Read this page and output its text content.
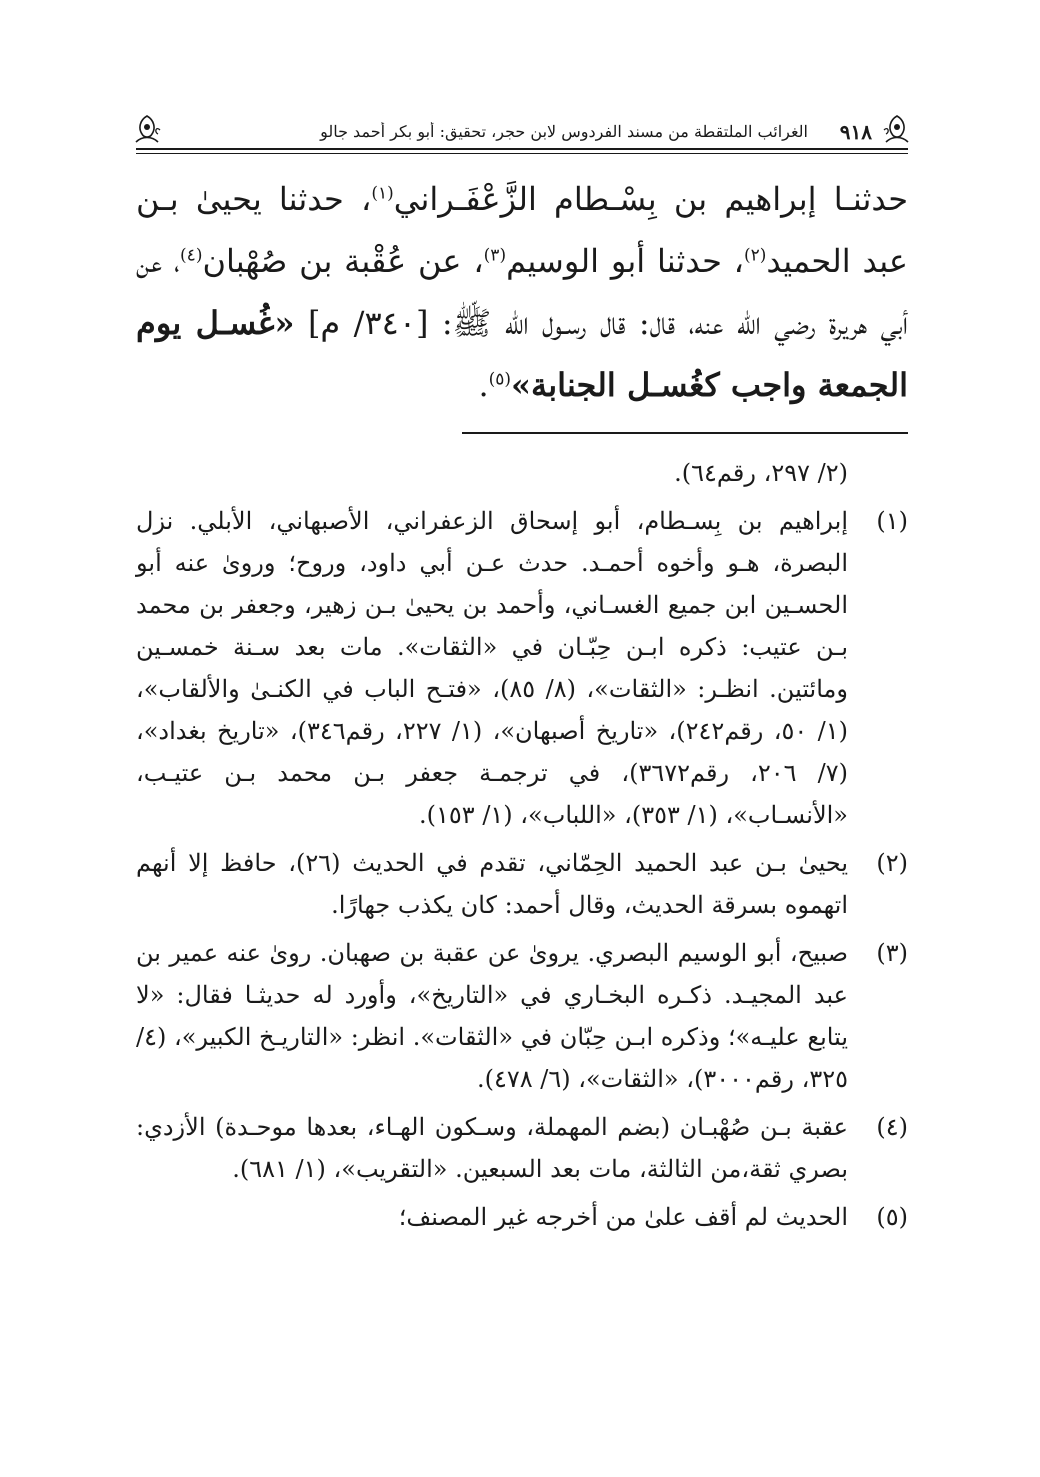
٩١٨
الغرائب الملتقطة من مسند الفردوس لابن حجر، تحقيق: أبو بكر أحمد جالو

حدثنـا إبراهيم بن بِسْـطام الزَّعْفَـراني$^{(١)}$، حدثنا يحيىٰ بـن عبد الحميد$^{(٢)}$، حدثنا أبو الوسيم$^{(٣)}$، عن عُقْبة بن صُهْبان$^{(٤)}$، عن أبي هريرة رضي الله عنه، قال: قال رسـول الله ﷺ: [٣٤٠/ م] «غُسـل يوم الجمعة واجب كغُسـل الجنابة»$^{(٥)}$.

(٢/ ٢٩٧، رقم٦٤).

(١)

إبراهيم بن بِسـطام، أبو إسحاق الزعفراني، الأصبهاني، الأبلي. نزل البصرة، هـو وأخوه أحمـد. حدث عـن أبي داود، وروح؛ وروىٰ عنه أبو الحسـين ابن جميع الغسـاني، وأحمد بن يحيىٰ بـن زهير، وجعفر بن محمد بـن عتيب: ذكره ابـن حِبّـان في «الثقات». مات بعد سـنة خمسـين ومائتين. انظـر: «الثقات»، (٨/ ٨٥)، «فتـح الباب في الكنـىٰ والألقاب»، (١/ ٥٠، رقم٢٤٢)، «تاريخ أصبهان»، (١/ ٢٢٧، رقم٣٤٦)، «تاريخ بغداد»، (٧/ ٢٠٦، رقم٣٦٧٢)، في ترجمـة جعفر بـن محمد بـن عتيـب، «الأنسـاب»، (١/ ٣٥٣)، «اللباب»، (١/ ١٥٣).

(٢)

يحيىٰ بـن عبد الحميد الحِمّاني، تقدم في الحديث (٢٦)، حافظ إلا أنهم اتهموه بسرقة الحديث، وقال أحمد: كان يكذب جهارًا.

(٣)

صبيح، أبو الوسيم البصري. يروىٰ عن عقبة بن صهبان. روىٰ عنه عمير بن عبد المجيـد. ذكـره البخـاري في «التاريخ»، وأورد له حديثـا فقال: «لا يتابع عليـه»؛ وذكره ابـن حِبّان في «الثقات». انظر: «التاريـخ الكبير»، (٤/ ٣٢٥، رقم٣٠٠٠)، «الثقات»، (٦/ ٤٧٨).

(٤)

عقبة بـن صُهْبـان (بضم المهملة، وسـكون الهـاء، بعدها موحـدة) الأزدي: بصري ثقة،من الثالثة، مات بعد السبعين. «التقريب»، (١/ ٦٨١).

(٥)

الحديث لم أقف علىٰ من أخرجه غير المصنف؛
